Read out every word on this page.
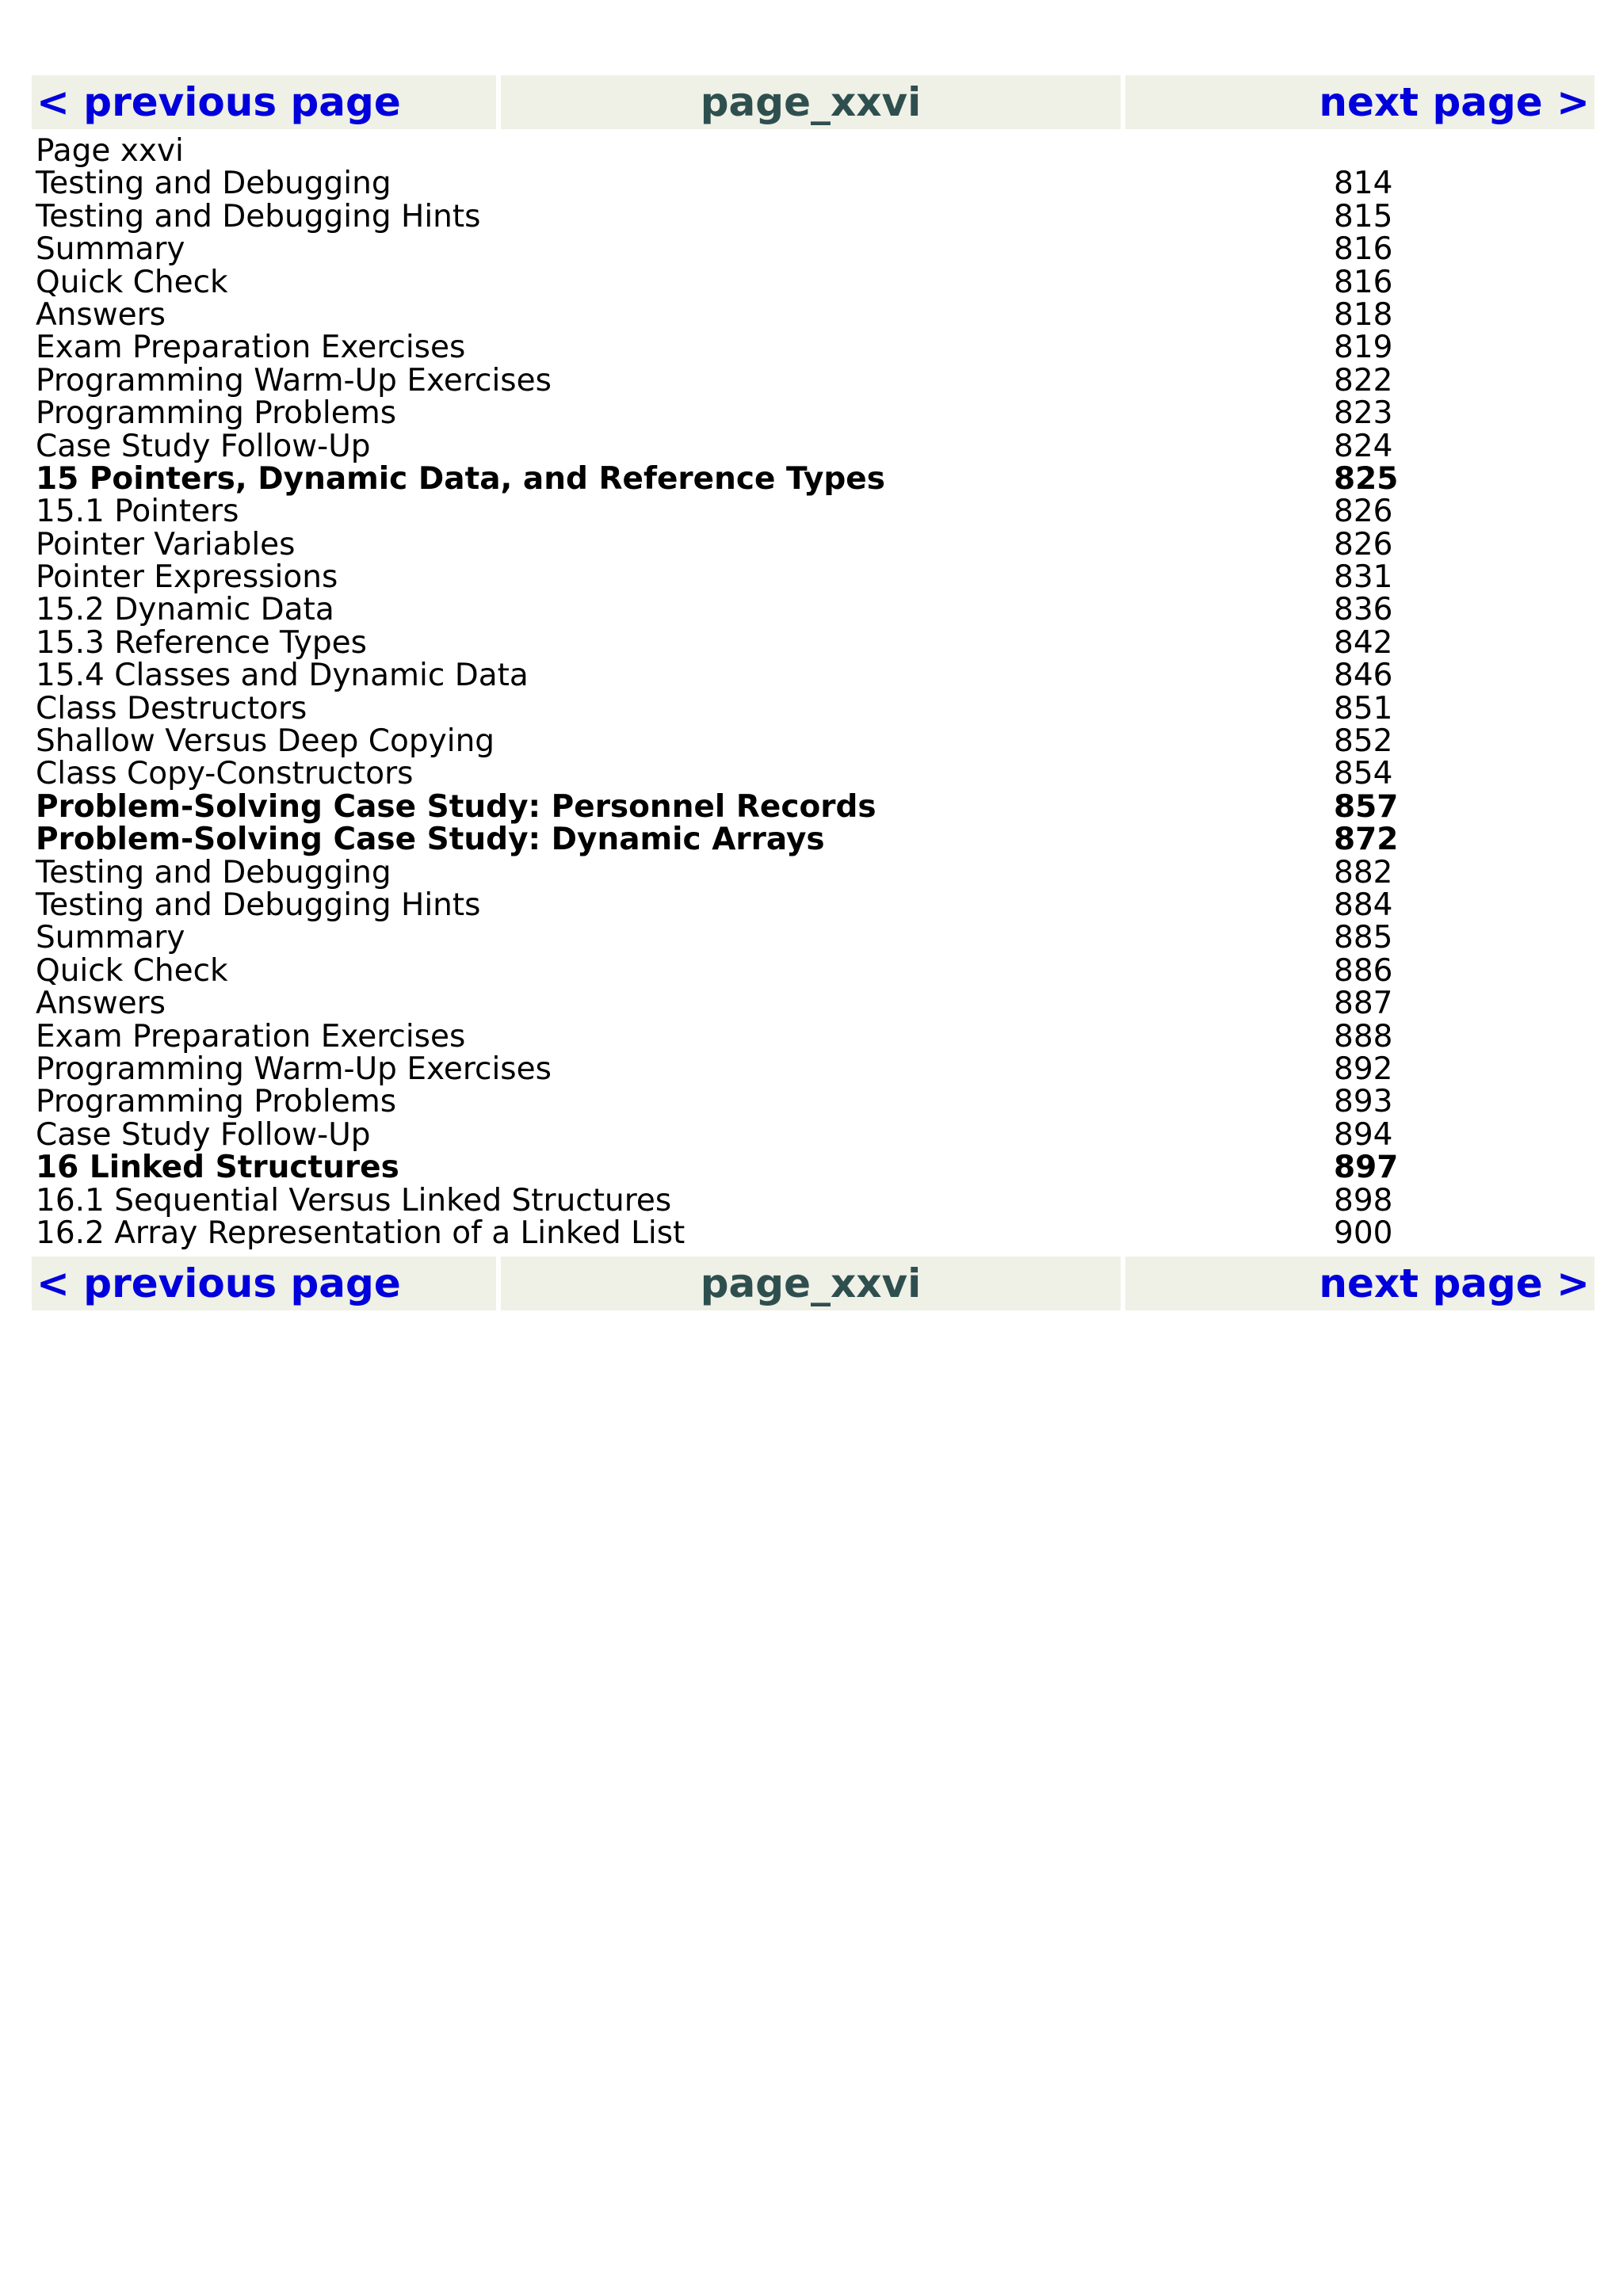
< previous page	page_xxvi	next page >
Page xxvi
Testing and Debugging	814
Testing and Debugging Hints	815
Summary	816
Quick Check	816
Answers	818
Exam Preparation Exercises	819
Programming Warm-Up Exercises	822
Programming Problems	823
Case Study Follow-Up	824
15 Pointers, Dynamic Data, and Reference Types	825
15.1 Pointers	826
Pointer Variables	826
Pointer Expressions	831
15.2 Dynamic Data	836
15.3 Reference Types	842
15.4 Classes and Dynamic Data	846
Class Destructors	851
Shallow Versus Deep Copying	852
Class Copy-Constructors	854
Problem-Solving Case Study: Personnel Records	857
Problem-Solving Case Study: Dynamic Arrays	872
Testing and Debugging	882
Testing and Debugging Hints	884
Summary	885
Quick Check	886
Answers	887
Exam Preparation Exercises	888
Programming Warm-Up Exercises	892
Programming Problems	893
Case Study Follow-Up	894
16 Linked Structures	897
16.1 Sequential Versus Linked Structures	898
16.2 Array Representation of a Linked List	900
< previous page	page_xxvi	next page >
